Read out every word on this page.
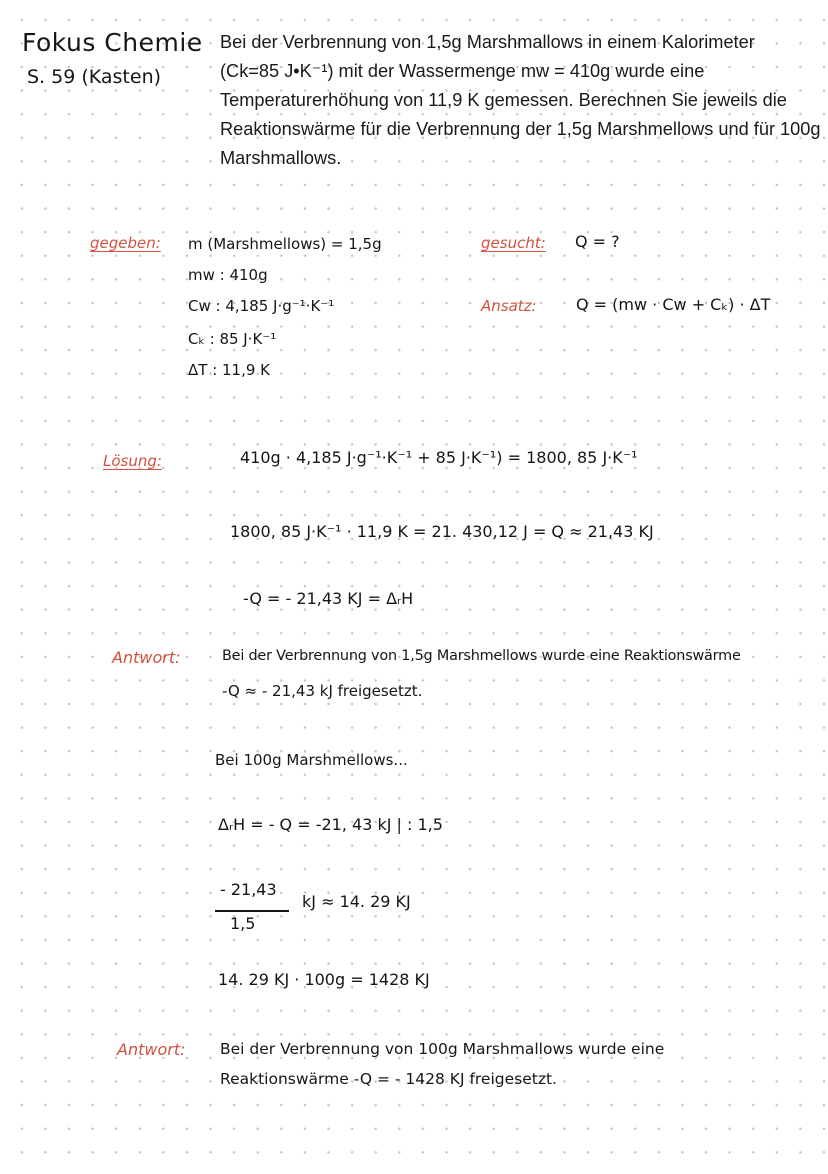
Fokus Chemie
S. 59 (Kasten)
Bei der Verbrennung von 1,5g Marshmallows in einem Kalorimeter
(Ck=85 J•K⁻¹) mit der Wassermenge mᴡ = 410g wurde eine
Temperaturerhöhung von 11,9 K gemessen. Berechnen Sie jeweils die
Reaktionswärme für die Verbrennung der 1,5g Marshmellows und für 100g
Marshmallows.
gegeben: m (Marshmellows) = 1,5g
mᴡ : 410g
Cᴡ : 4,185 J·g⁻¹·K⁻¹
Cₖ : 85 J·K⁻¹
ΔT : 11,9 K
gesucht: Q = ?
Ansatz: Q = (mᴡ · Cᴡ + Cₖ) · ΔT
Lösung:	410g · 4,185 J·g⁻¹·K⁻¹ + 85 J·K⁻¹) = 1800, 85 J·K⁻¹
1800, 85 J·K⁻¹ · 11,9 K = 21. 430,12 J = Q ≈ 21,43 KJ
-Q = - 21,43 KJ = ΔᵣH
Antwort:	Bei der Verbrennung von 1,5g Marshmellows wurde eine Reaktionswärme
-Q ≈ - 21,43 kJ freigesetzt.
Bei 100g Marshmellows...
ΔᵣH = - Q = -21, 43 kJ | : 1,5
- 21,43
1,5
kJ ≈ 14. 29 KJ
14. 29 KJ · 100g = 1428 KJ
Antwort: Bei der Verbrennung von 100g Marshmallows wurde eine
Reaktionswärme -Q = - 1428 KJ freigesetzt.
